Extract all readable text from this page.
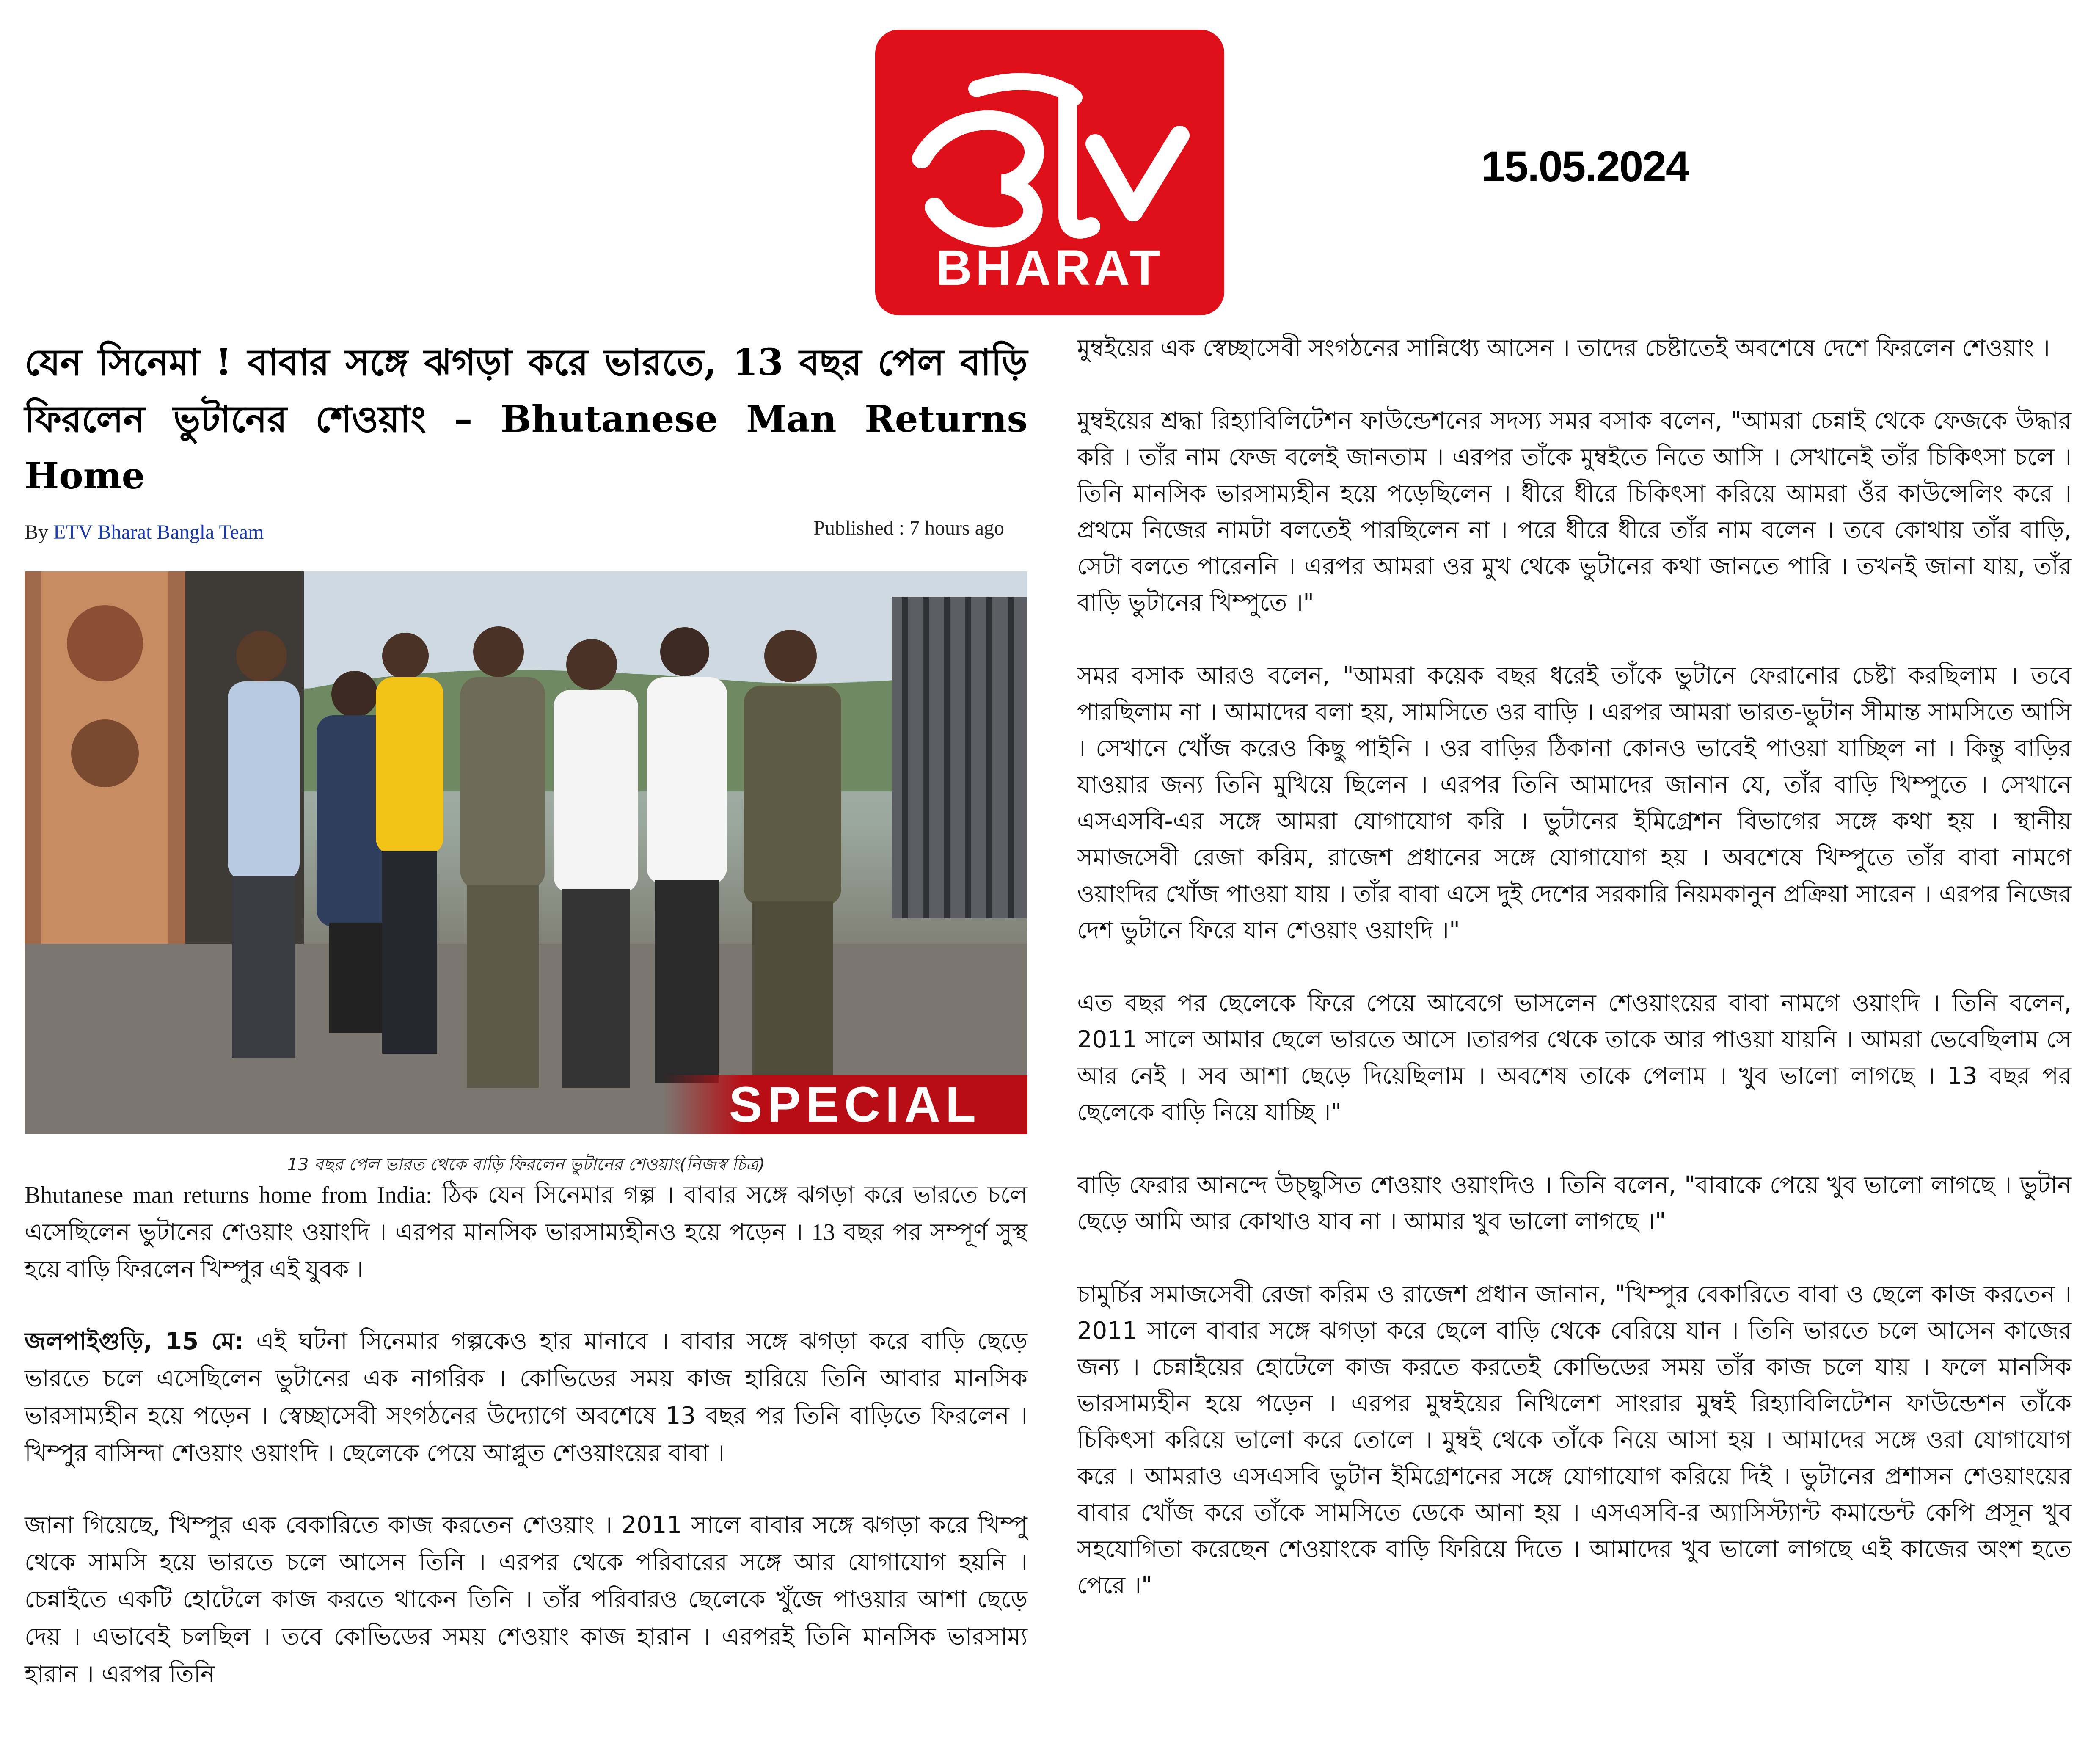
BHARAT
15.05.2024
যেন সিনেমা ! বাবার সঙ্গে ঝগড়া করে ভারতে, 13 বছর পেল বাড়ি ফিরলেন ভুটানের শেওয়াং – Bhutanese Man Returns Home
By ETV Bharat Bangla Team	Published : 7 hours ago
SPECIAL
13 বছর পেল ভারত থেকে বাড়ি ফিরলেন ভুটানের শেওয়াং(নিজস্ব চিত্র)

Bhutanese man returns home from India: ঠিক যেন সিনেমার গল্প । বাবার সঙ্গে ঝগড়া করে ভারতে চলে এসেছিলেন ভুটানের শেওয়াং ওয়াংদি । এরপর মানসিক ভারসাম্যহীনও হয়ে পড়েন । 13 বছর পর সম্পূর্ণ সুস্থ হয়ে বাড়ি ফিরলেন খিম্পুর এই যুবক ।

জলপাইগুড়ি, 15 মে: এই ঘটনা সিনেমার গল্পকেও হার মানাবে । বাবার সঙ্গে ঝগড়া করে বাড়ি ছেড়ে ভারতে চলে এসেছিলেন ভুটানের এক নাগরিক । কোভিডের সময় কাজ হারিয়ে তিনি আবার মানসিক ভারসাম্যহীন হয়ে পড়েন । স্বেচ্ছাসেবী সংগঠনের উদ্যোগে অবশেষে 13 বছর পর তিনি বাড়িতে ফিরলেন । খিম্পুর বাসিন্দা শেওয়াং ওয়াংদি । ছেলেকে পেয়ে আপ্লুত শেওয়াংয়ের বাবা ।

জানা গিয়েছে, খিম্পুর এক বেকারিতে কাজ করতেন শেওয়াং । 2011 সালে বাবার সঙ্গে ঝগড়া করে খিম্পু থেকে সামসি হয়ে ভারতে চলে আসেন তিনি । এরপর থেকে পরিবারের সঙ্গে আর যোগাযোগ হয়নি । চেন্নাইতে একটি হোটেলে কাজ করতে থাকেন তিনি । তাঁর পরিবারও ছেলেকে খুঁজে পাওয়ার আশা ছেড়ে দেয় । এভাবেই চলছিল । তবে কোভিডের সময় শেওয়াং কাজ হারান । এরপরই তিনি মানসিক ভারসাম্য হারান । এরপর তিনি

মুম্বইয়ের এক স্বেচ্ছাসেবী সংগঠনের সান্নিধ্যে আসেন । তাদের চেষ্টাতেই অবশেষে দেশে ফিরলেন শেওয়াং ।

মুম্বইয়ের শ্রদ্ধা রিহ্যাবিলিটেশন ফাউন্ডেশনের সদস্য সমর বসাক বলেন, "আমরা চেন্নাই থেকে ফেজকে উদ্ধার করি । তাঁর নাম ফেজ বলেই জানতাম । এরপর তাঁকে মুম্বইতে নিতে আসি । সেখানেই তাঁর চিকিৎসা চলে । তিনি মানসিক ভারসাম্যহীন হয়ে পড়েছিলেন । ধীরে ধীরে চিকিৎসা করিয়ে আমরা ওঁর কাউন্সেলিং করে । প্রথমে নিজের নামটা বলতেই পারছিলেন না । পরে ধীরে ধীরে তাঁর নাম বলেন । তবে কোথায় তাঁর বাড়ি, সেটা বলতে পারেননি । এরপর আমরা ওর মুখ থেকে ভুটানের কথা জানতে পারি । তখনই জানা যায়, তাঁর বাড়ি ভুটানের খিম্পুতে ।"

সমর বসাক আরও বলেন, "আমরা কয়েক বছর ধরেই তাঁকে ভুটানে ফেরানোর চেষ্টা করছিলাম । তবে পারছিলাম না । আমাদের বলা হয়, সামসিতে ওর বাড়ি । এরপর আমরা ভারত-ভুটান সীমান্ত সামসিতে আসি । সেখানে খোঁজ করেও কিছু পাইনি । ওর বাড়ির ঠিকানা কোনও ভাবেই পাওয়া যাচ্ছিল না । কিন্তু বাড়ির যাওয়ার জন্য তিনি মুখিয়ে ছিলেন । এরপর তিনি আমাদের জানান যে, তাঁর বাড়ি খিম্পুতে । সেখানে এসএসবি-এর সঙ্গে আমরা যোগাযোগ করি । ভুটানের ইমিগ্রেশন বিভাগের সঙ্গে কথা হয় । স্থানীয় সমাজসেবী রেজা করিম, রাজেশ প্রধানের সঙ্গে যোগাযোগ হয় । অবশেষে খিম্পুতে তাঁর বাবা নামগে ওয়াংদির খোঁজ পাওয়া যায় । তাঁর বাবা এসে দুই দেশের সরকারি নিয়মকানুন প্রক্রিয়া সারেন । এরপর নিজের দেশ ভুটানে ফিরে যান শেওয়াং ওয়াংদি ।"

এত বছর পর ছেলেকে ফিরে পেয়ে আবেগে ভাসলেন শেওয়াংয়ের বাবা নামগে ওয়াংদি । তিনি বলেন, 2011 সালে আমার ছেলে ভারতে আসে ।তারপর থেকে তাকে আর পাওয়া যায়নি । আমরা ভেবেছিলাম সে আর নেই । সব আশা ছেড়ে দিয়েছিলাম । অবশেষ তাকে পেলাম । খুব ভালো লাগছে । 13 বছর পর ছেলেকে বাড়ি নিয়ে যাচ্ছি ।"

বাড়ি ফেরার আনন্দে উচ্ছ্বসিত শেওয়াং ওয়াংদিও । তিনি বলেন, "বাবাকে পেয়ে খুব ভালো লাগছে । ভুটান ছেড়ে আমি আর কোথাও যাব না । আমার খুব ভালো লাগছে ।"

চামুর্চির সমাজসেবী রেজা করিম ও রাজেশ প্রধান জানান, "খিম্পুর বেকারিতে বাবা ও ছেলে কাজ করতেন । 2011 সালে বাবার সঙ্গে ঝগড়া করে ছেলে বাড়ি থেকে বেরিয়ে যান । তিনি ভারতে চলে আসেন কাজের জন্য । চেন্নাইয়ের হোটেলে কাজ করতে করতেই কোভিডের সময় তাঁর কাজ চলে যায় । ফলে মানসিক ভারসাম্যহীন হয়ে পড়েন । এরপর মুম্বইয়ের নিখিলেশ সাংরার মুম্বই রিহ্যাবিলিটেশন ফাউন্ডেশন তাঁকে চিকিৎসা করিয়ে ভালো করে তোলে । মুম্বই থেকে তাঁকে নিয়ে আসা হয় । আমাদের সঙ্গে ওরা যোগাযোগ করে । আমরাও এসএসবি ভুটান ইমিগ্রেশনের সঙ্গে যোগাযোগ করিয়ে দিই । ভুটানের প্রশাসন শেওয়াংয়ের বাবার খোঁজ করে তাঁকে সামসিতে ডেকে আনা হয় । এসএসবি-র অ্যাসিস্ট্যান্ট কমান্ডেন্ট কেপি প্রসূন খুব সহযোগিতা করেছেন শেওয়াংকে বাড়ি ফিরিয়ে দিতে । আমাদের খুব ভালো লাগছে এই কাজের অংশ হতে পেরে ।"
